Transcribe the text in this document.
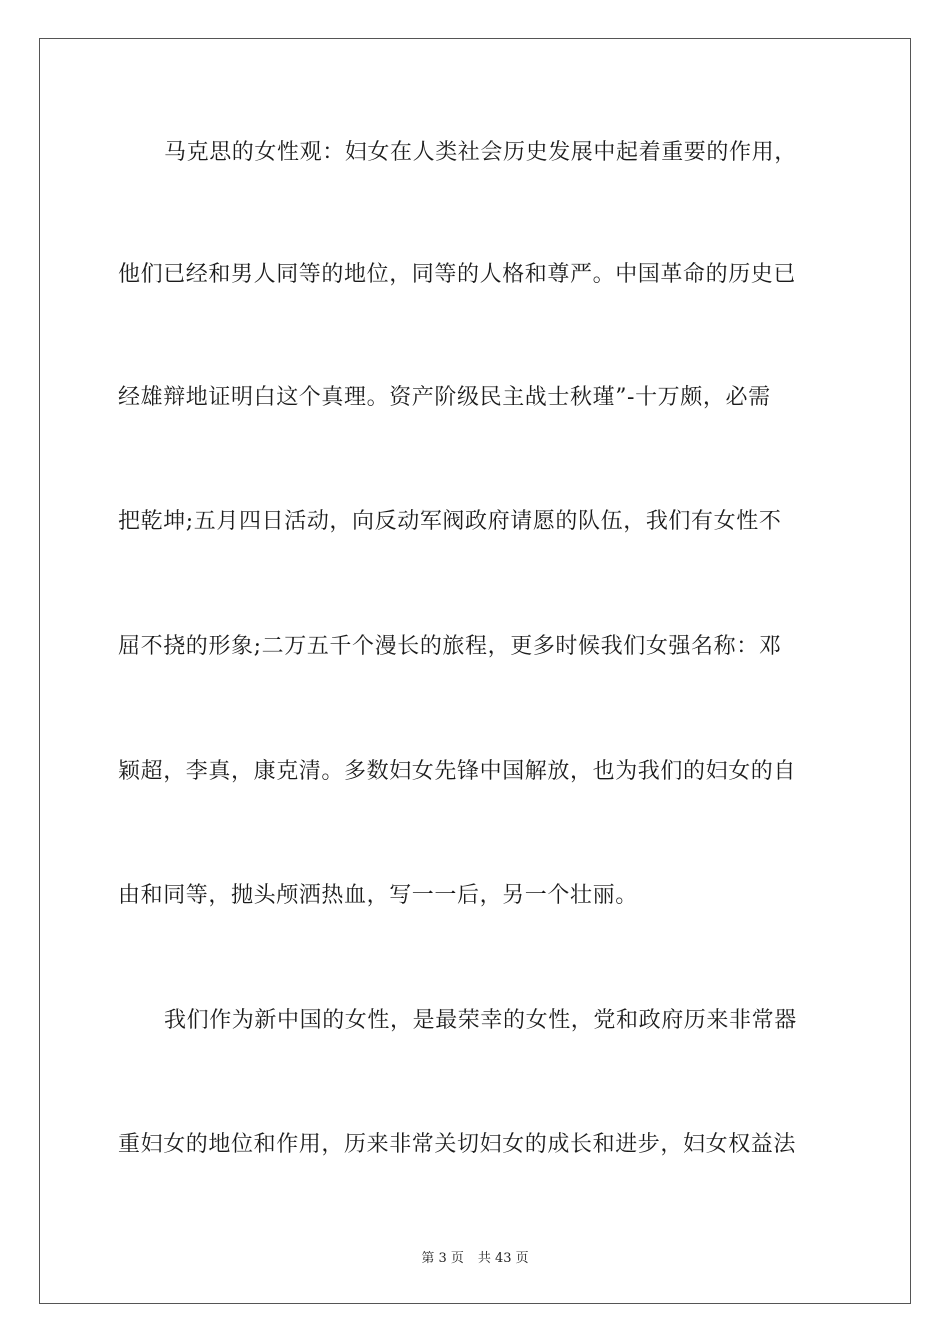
马克思的女性观：妇女在人类社会历史发展中起着重要的作用，
他们已经和男人同等的地位，同等的人格和尊严。中国革命的历史已
经雄辩地证明白这个真理。资产阶级民主战士秋瑾”-十万颇，必需
把乾坤;五月四日活动，向反动军阀政府请愿的队伍，我们有女性不
屈不挠的形象;二万五千个漫长的旅程，更多时候我们女强名称：邓
颖超，李真，康克清。多数妇女先锋中国解放，也为我们的妇女的自
由和同等，抛头颅洒热血，写一一后，另一个壮丽。
我们作为新中国的女性，是最荣幸的女性，党和政府历来非常器
重妇女的地位和作用，历来非常关切妇女的成长和进步，妇女权益法
第 3 页 共 43 页
